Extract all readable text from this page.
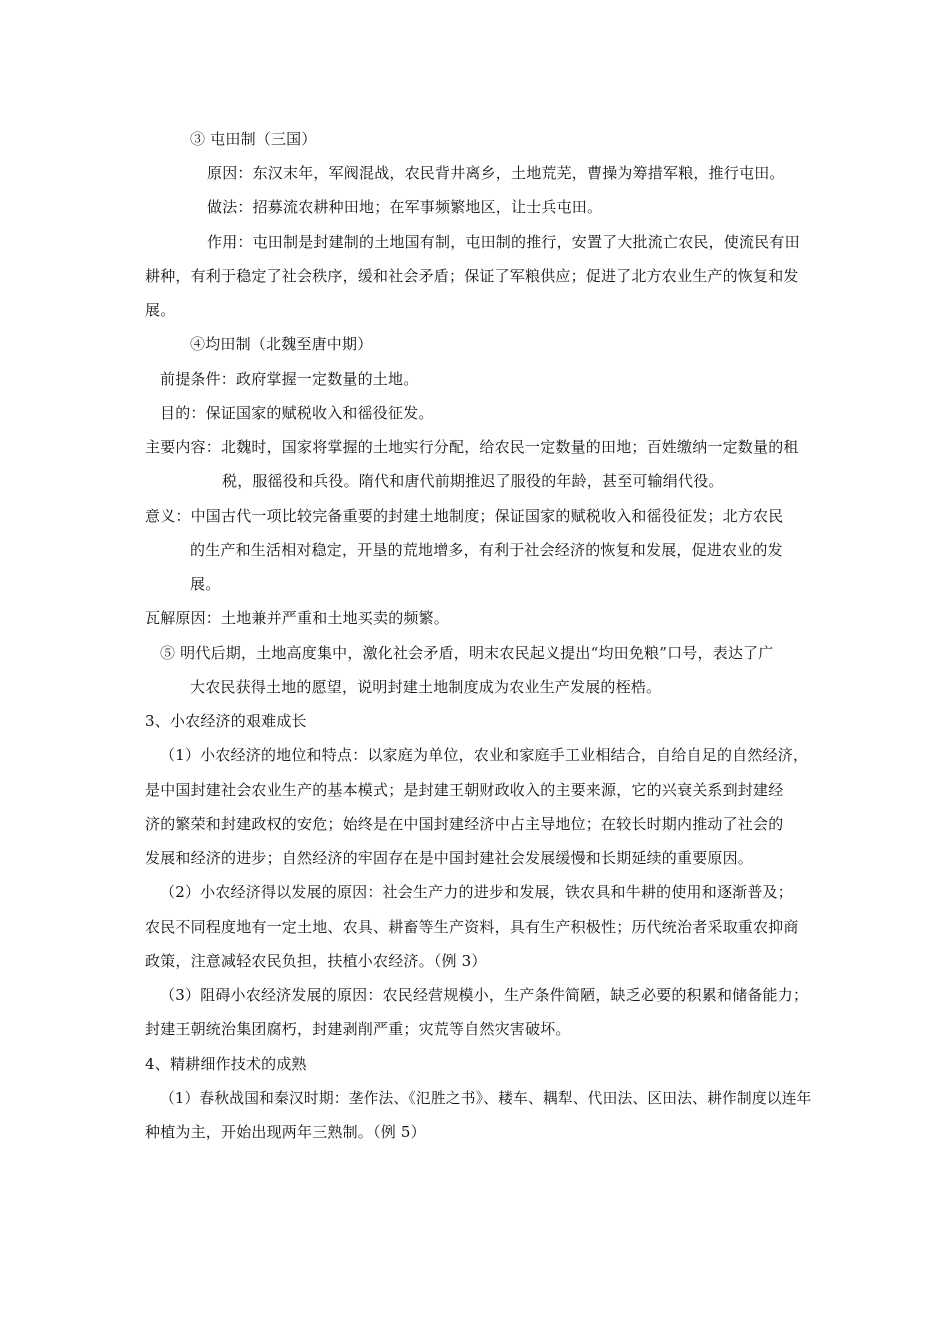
③ 屯田制（三国）
原因：东汉末年，军阀混战，农民背井离乡，土地荒芜，曹操为筹措军粮，推行屯田。
做法：招募流农耕种田地；在军事频繁地区，让士兵屯田。
作用：屯田制是封建制的土地国有制，屯田制的推行，安置了大批流亡农民，使流民有田
耕种，有利于稳定了社会秩序，缓和社会矛盾；保证了军粮供应；促进了北方农业生产的恢复和发
展。
④均田制（北魏至唐中期）
前提条件：政府掌握一定数量的土地。
目的：保证国家的赋税收入和徭役征发。
主要内容：北魏时，国家将掌握的土地实行分配，给农民一定数量的田地；百姓缴纳一定数量的租
税，服徭役和兵役。隋代和唐代前期推迟了服役的年龄，甚至可输绢代役。
意义：中国古代一项比较完备重要的封建土地制度；保证国家的赋税收入和徭役征发；北方农民
的生产和生活相对稳定，开垦的荒地增多，有利于社会经济的恢复和发展，促进农业的发
展。
瓦解原因：土地兼并严重和土地买卖的频繁。
⑤ 明代后期，土地高度集中，激化社会矛盾，明末农民起义提出“均田免粮”口号，表达了广
大农民获得土地的愿望，说明封建土地制度成为农业生产发展的桎梏。
3、小农经济的艰难成长
（1）小农经济的地位和特点：以家庭为单位，农业和家庭手工业相结合，自给自足的自然经济，
是中国封建社会农业生产的基本模式；是封建王朝财政收入的主要来源，它的兴衰关系到封建经
济的繁荣和封建政权的安危；始终是在中国封建经济中占主导地位；在较长时期内推动了社会的
发展和经济的进步；自然经济的牢固存在是中国封建社会发展缓慢和长期延续的重要原因。
（2）小农经济得以发展的原因：社会生产力的进步和发展，铁农具和牛耕的使用和逐渐普及；
农民不同程度地有一定土地、农具、耕畜等生产资料，具有生产积极性；历代统治者采取重农抑商
政策，注意减轻农民负担，扶植小农经济。（例 3）
（3）阻碍小农经济发展的原因：农民经营规模小，生产条件简陋，缺乏必要的积累和储备能力；
封建王朝统治集团腐朽，封建剥削严重；灾荒等自然灾害破坏。
4、精耕细作技术的成熟
（1）春秋战国和秦汉时期：垄作法、《氾胜之书》、耧车、耦犁、代田法、区田法、耕作制度以连年
种植为主，开始出现两年三熟制。（例 5）
